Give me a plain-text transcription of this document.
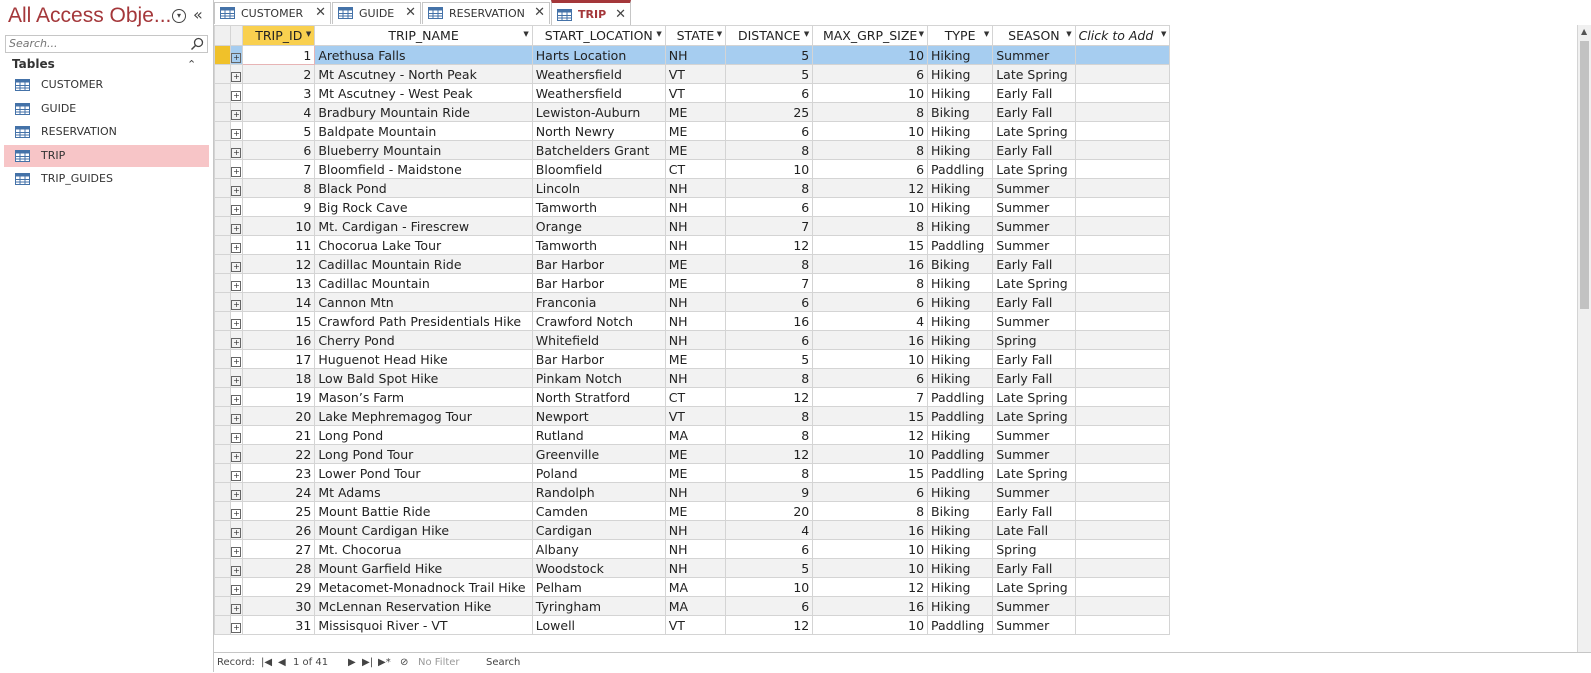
All Access Obje... ▾ «
Search...
Tables	⌃
CUSTOMER
GUIDE
RESERVATION
TRIP
TRIP_GUIDES
CUSTOMER ✕	GUIDE ✕	RESERVATION ✕	TRIP ✕
		TRIP_ID ▼	TRIP_NAME ▼	START_LOCATION ▼	STATE ▼	DISTANCE ▼	MAX_GRP_SIZE ▼	TYPE ▼	SEASON ▼	Click to Add ▼					

	+	1	Arethusa Falls	Harts Location	NH	5	10	Hiking	Summer						
	+	2	Mt Ascutney - North Peak	Weathersfield	VT	5	6	Hiking	Late Spring						
	+	3	Mt Ascutney - West Peak	Weathersfield	VT	6	10	Hiking	Early Fall						
	+	4	Bradbury Mountain Ride	Lewiston-Auburn	ME	25	8	Biking	Early Fall						
	+	5	Baldpate Mountain	North Newry	ME	6	10	Hiking	Late Spring						
	+	6	Blueberry Mountain	Batchelders Grant	ME	8	8	Hiking	Early Fall						
	+	7	Bloomfield - Maidstone	Bloomfield	CT	10	6	Paddling	Late Spring						
	+	8	Black Pond	Lincoln	NH	8	12	Hiking	Summer						
	+	9	Big Rock Cave	Tamworth	NH	6	10	Hiking	Summer						
	+	10	Mt. Cardigan - Firescrew	Orange	NH	7	8	Hiking	Summer						
	+	11	Chocorua Lake Tour	Tamworth	NH	12	15	Paddling	Summer						
	+	12	Cadillac Mountain Ride	Bar Harbor	ME	8	16	Biking	Early Fall						
	+	13	Cadillac Mountain	Bar Harbor	ME	7	8	Hiking	Late Spring						
	+	14	Cannon Mtn	Franconia	NH	6	6	Hiking	Early Fall						
	+	15	Crawford Path Presidentials Hike	Crawford Notch	NH	16	4	Hiking	Summer						
	+	16	Cherry Pond	Whitefield	NH	6	16	Hiking	Spring						
	+	17	Huguenot Head Hike	Bar Harbor	ME	5	10	Hiking	Early Fall						
	+	18	Low Bald Spot Hike	Pinkam Notch	NH	8	6	Hiking	Early Fall						
	+	19	Mason’s Farm	North Stratford	CT	12	7	Paddling	Late Spring						
	+	20	Lake Mephremagog Tour	Newport	VT	8	15	Paddling	Late Spring						
	+	21	Long Pond	Rutland	MA	8	12	Hiking	Summer						
	+	22	Long Pond Tour	Greenville	ME	12	10	Paddling	Summer						
	+	23	Lower Pond Tour	Poland	ME	8	15	Paddling	Late Spring						
	+	24	Mt Adams	Randolph	NH	9	6	Hiking	Summer						
	+	25	Mount Battie Ride	Camden	ME	20	8	Biking	Early Fall						
	+	26	Mount Cardigan Hike	Cardigan	NH	4	16	Hiking	Late Fall						
	+	27	Mt. Chocorua	Albany	NH	6	10	Hiking	Spring						
	+	28	Mount Garfield Hike	Woodstock	NH	5	10	Hiking	Early Fall						
	+	29	Metacomet-Monadnock Trail Hike	Pelham	MA	10	12	Hiking	Late Spring						
	+	30	McLennan Reservation Hike	Tyringham	MA	6	16	Hiking	Summer						
	+	31	Missisquoi River - VT	Lowell	VT	12	10	Paddling	Summer						
▲
Record: |◀ ◀ 1 of 41 ▶ ▶| ▶* ⊘ No Filter	Search
